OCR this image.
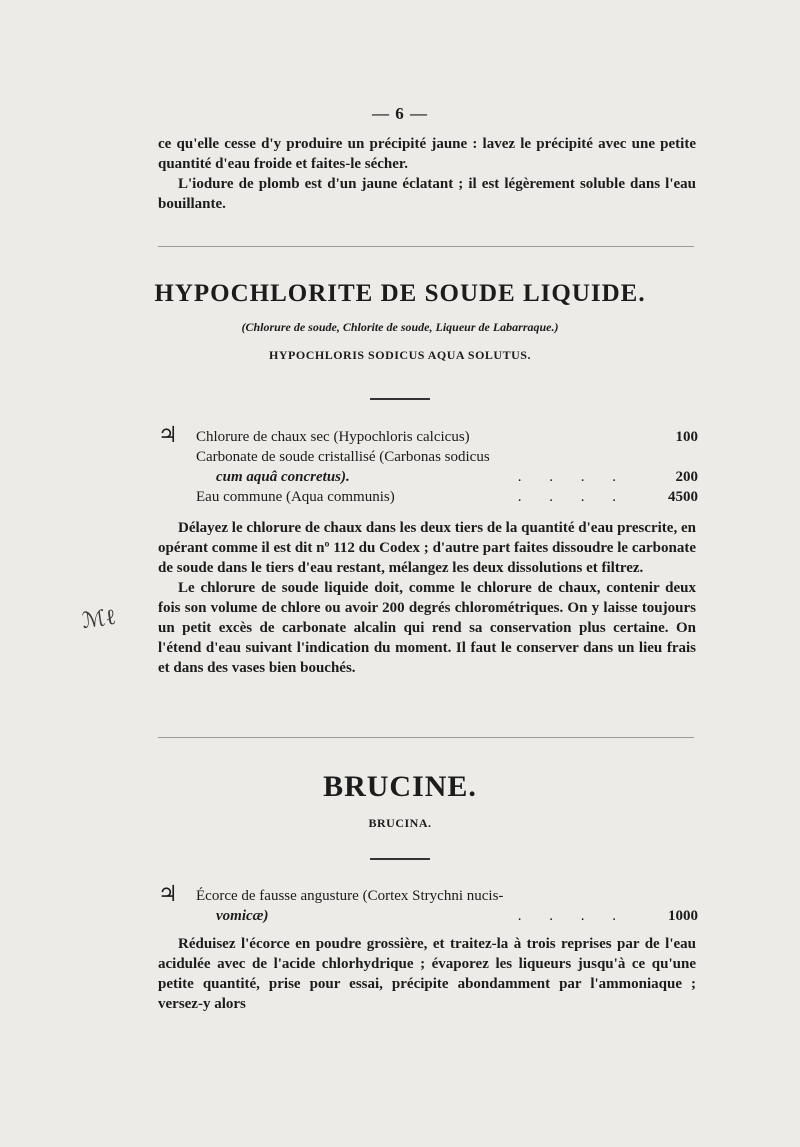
— 6 —

ce qu'elle cesse d'y produire un précipité jaune : lavez le précipité avec une petite quantité d'eau froide et faites-le sécher.

L'iodure de plomb est d'un jaune éclatant ; il est légèrement soluble dans l'eau bouillante.

HYPOCHLORITE DE SOUDE LIQUIDE.
(Chlorure de soude, Chlorite de soude, Liqueur de Labarraque.)
HYPOCHLORIS SODICUS AQUA SOLUTUS.
♃ Chlorure de chaux sec (Hypochloris calcicus)	100
Carbonate de soude cristallisé (Carbonas sodicus
cum aquâ concretus).	. . . .	200
Eau commune (Aqua communis)	. . . .	4500

Délayez le chlorure de chaux dans les deux tiers de la quantité d'eau prescrite, en opérant comme il est dit nº 112 du Codex ; d'autre part faites dissoudre le carbonate de soude dans le tiers d'eau restant, mélangez les deux dissolutions et filtrez.

Le chlorure de soude liquide doit, comme le chlorure de chaux, contenir deux fois son volume de chlore ou avoir 200 degrés chlorométriques. On y laisse toujours un petit excès de carbonate alcalin qui rend sa conservation plus certaine. On l'étend d'eau suivant l'indication du moment. Il faut le conserver dans un lieu frais et dans des vases bien bouchés.

ℳℓ
BRUCINE.
BRUCINA.
♃ Écorce de fausse angusture (Cortex Strychni nucis-
vomicæ)	. . . .	1000

Réduisez l'écorce en poudre grossière, et traitez-la à trois reprises par de l'eau acidulée avec de l'acide chlorhydrique ; évaporez les liqueurs jusqu'à ce qu'une petite quantité, prise pour essai, précipite abondamment par l'ammoniaque ; versez-y alors
